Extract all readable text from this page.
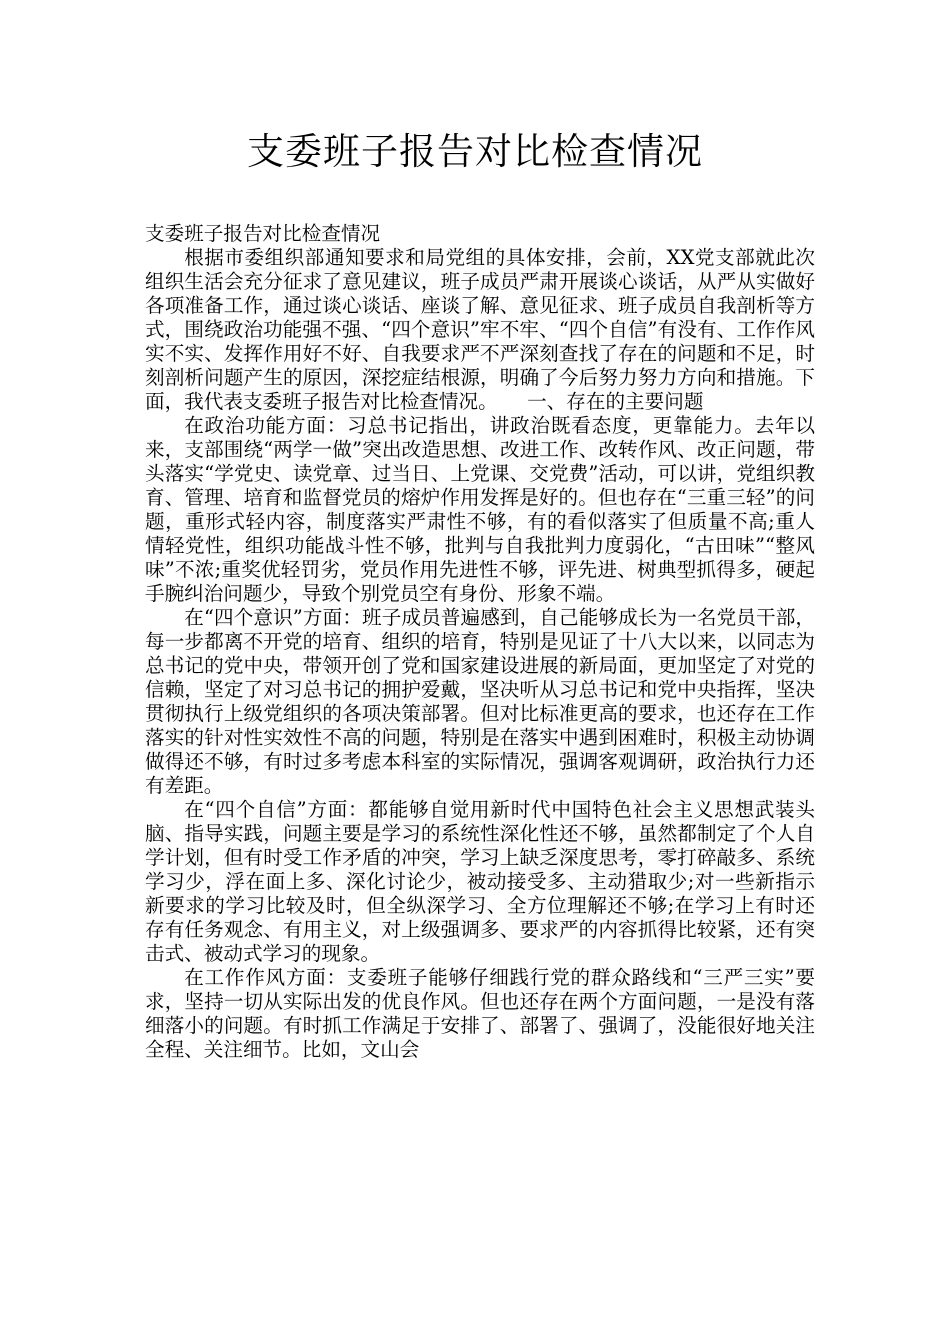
支委班子报告对比检查情况

支委班子报告对比检查情况

根据市委组织部通知要求和局党组的具体安排，会前，XX党支部就此次组织生活会充分征求了意见建议，班子成员严肃开展谈心谈话，从严从实做好各项准备工作，通过谈心谈话、座谈了解、意见征求、班子成员自我剖析等方式，围绕政治功能强不强、“四个意识”牢不牢、“四个自信”有没有、工作作风实不实、发挥作用好不好、自我要求严不严深刻查找了存在的问题和不足，时刻剖析问题产生的原因，深挖症结根源，明确了今后努力努力方向和措施。下面，我代表支委班子报告对比检查情况。　　一、存在的主要问题

在政治功能方面：习总书记指出，讲政治既看态度，更靠能力。去年以来，支部围绕“两学一做”突出改造思想、改进工作、改转作风、改正问题，带头落实“学党史、读党章、过当日、上党课、交党费”活动，可以讲，党组织教育、管理、培育和监督党员的熔炉作用发挥是好的。但也存在“三重三轻”的问题，重形式轻内容，制度落实严肃性不够，有的看似落实了但质量不高;重人情轻党性，组织功能战斗性不够，批判与自我批判力度弱化，“古田味”“整风味”不浓;重奖优轻罚劣，党员作用先进性不够，评先进、树典型抓得多，硬起手腕纠治问题少，导致个别党员空有身份、形象不端。

在“四个意识”方面：班子成员普遍感到，自己能够成长为一名党员干部，每一步都离不开党的培育、组织的培育，特别是见证了十八大以来，以同志为总书记的党中央，带领开创了党和国家建设进展的新局面，更加坚定了对党的信赖，坚定了对习总书记的拥护爱戴，坚决听从习总书记和党中央指挥，坚决贯彻执行上级党组织的各项决策部署。但对比标准更高的要求，也还存在工作落实的针对性实效性不高的问题，特别是在落实中遇到困难时，积极主动协调做得还不够，有时过多考虑本科室的实际情况，强调客观调研，政治执行力还有差距。

在“四个自信”方面：都能够自觉用新时代中国特色社会主义思想武装头脑、指导实践，问题主要是学习的系统性深化性还不够，虽然都制定了个人自学计划，但有时受工作矛盾的冲突，学习上缺乏深度思考，零打碎敲多、系统学习少，浮在面上多、深化讨论少，被动接受多、主动猎取少;对一些新指示新要求的学习比较及时，但全纵深学习、全方位理解还不够;在学习上有时还存有任务观念、有用主义，对上级强调多、要求严的内容抓得比较紧，还有突击式、被动式学习的现象。

在工作作风方面：支委班子能够仔细践行党的群众路线和“三严三实”要求，坚持一切从实际出发的优良作风。但也还存在两个方面问题，一是没有落细落小的问题。有时抓工作满足于安排了、部署了、强调了，没能很好地关注全程、关注细节。比如，文山会
